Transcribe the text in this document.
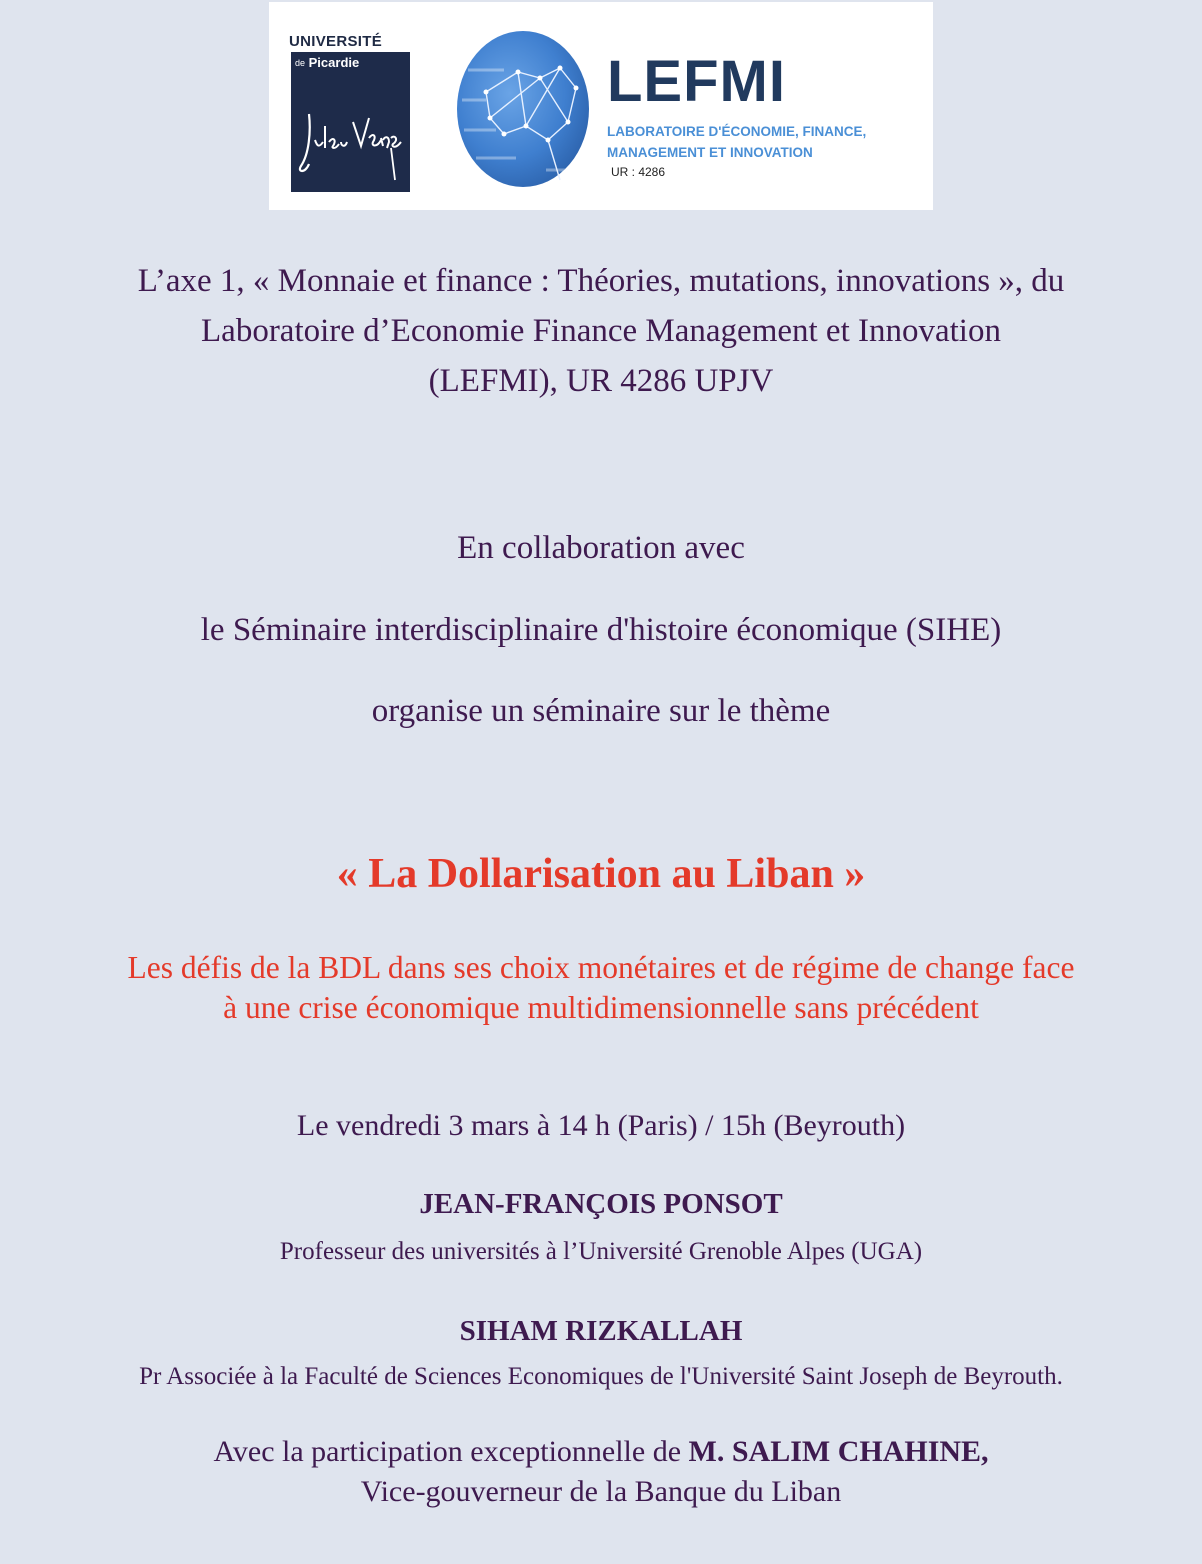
UNIVERSITÉ
$^{de}$ Picardie	LEFMI
LABORATOIRE D'ÉCONOMIE, FINANCE,
MANAGEMENT ET INNOVATION
UR : 4286
L’axe 1, « Monnaie et finance : Théories, mutations, innovations », du
Laboratoire d’Economie Finance Management et Innovation
(LEFMI), UR 4286 UPJV
En collaboration avec
le Séminaire interdisciplinaire d'histoire économique (SIHE)
organise un séminaire sur le thème
« La Dollarisation au Liban »
Les défis de la BDL dans ses choix monétaires et de régime de change face
à une crise économique multidimensionnelle sans précédent
Le vendredi 3 mars à 14 h (Paris) / 15h (Beyrouth)
JEAN-FRANÇOIS PONSOT
Professeur des universités à l’Université Grenoble Alpes (UGA)
SIHAM RIZKALLAH
Pr Associée à la Faculté de Sciences Economiques de l'Université Saint Joseph de Beyrouth.
Avec la participation exceptionnelle de M. SALIM CHAHINE,
Vice-gouverneur de la Banque du Liban
